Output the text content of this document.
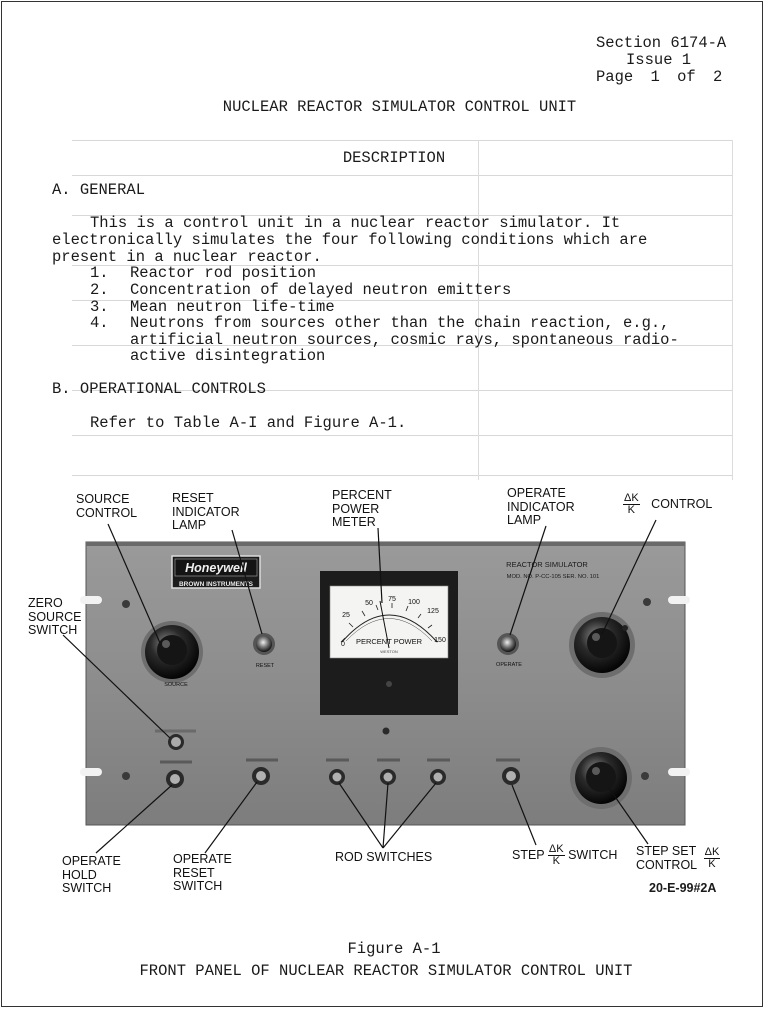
Section 6174-A
Issue 1
Page 1 of 2
NUCLEAR REACTOR SIMULATOR CONTROL UNIT
DESCRIPTION
A. GENERAL
This is a control unit in a nuclear reactor simulator. It
electronically simulates the four following conditions which are
present in a nuclear reactor.
1. Reactor rod position
2. Concentration of delayed neutron emitters
3. Mean neutron life-time
4. Neutrons from sources other than the chain reaction, e.g.,
artificial neutron sources, cosmic rays, spontaneous radio-
active disintegration
B. OPERATIONAL CONTROLS
Refer to Table A-I and Figure A-1.
Honeywell
BROWN INSTRUMENTS
REACTOR SIMULATOR
MOD. NO. P-CC-105 SER. NO. 101
0
25
50
75 100
125
150
PERCENT POWER
WESTON
SOURCE
RESET	OPERATE
SOURCE
CONTROL
RESET
INDICATOR
LAMP
PERCENT
POWER
METER
OPERATE
INDICATOR
LAMP
$\frac{\Delta K}{K}$ CONTROL
ZERO
SOURCE
SWITCH
OPERATE
HOLD
SWITCH
OPERATE
RESET
SWITCH
ROD SWITCHES	STEP $\frac{\Delta K}{K}$ SWITCH STEP SET
CONTROL
$\frac{\Delta K}{K}$
20-E-99#2A
Figure A-1
FRONT PANEL OF NUCLEAR REACTOR SIMULATOR CONTROL UNIT
